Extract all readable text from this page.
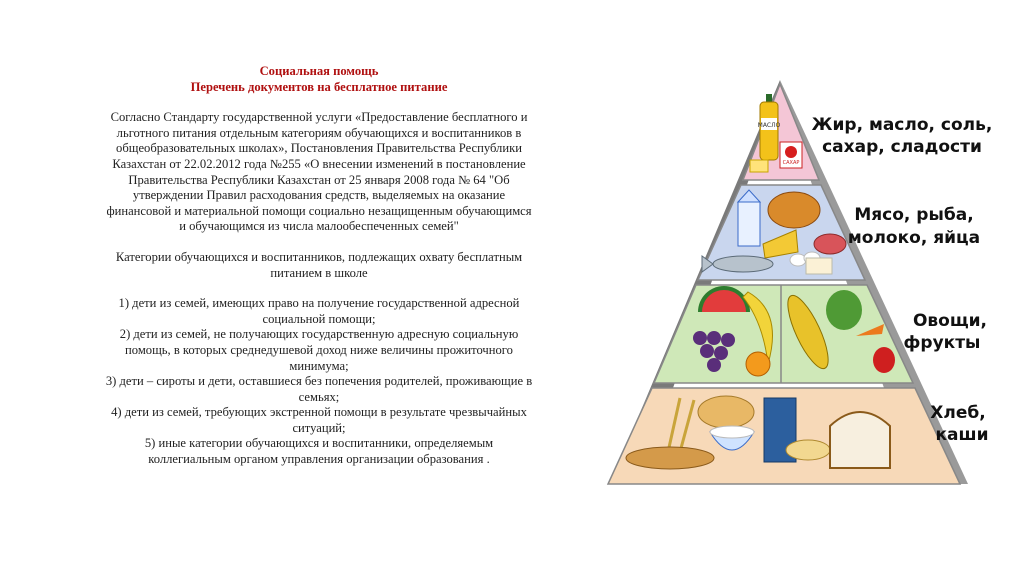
Социальная помощь
Перечень документов на бесплатное питание
Согласно Стандарту государственной услуги «Предоставление бесплатного и
льготного питания отдельным категориям обучающихся и воспитанников в
общеобразовательных школах», Постановления Правительства Республики
Казахстан от 22.02.2012 года №255 «О внесении изменений в постановление
Правительства Республики Казахстан от 25 января 2008 года № 64 "Об
утверждении Правил расходования средств, выделяемых на оказание
финансовой и материальной помощи социально незащищенным обучающимся
и обучающимся из числа малообеспеченных семей"
Категории обучающихся и воспитанников, подлежащих охвату бесплатным
питанием в школе
1) дети из семей, имеющих право на получение государственной адресной
социальной помощи;
2) дети из семей, не получающих государственную адресную социальную
помощь, в которых среднедушевой доход ниже величины прожиточного
минимума;
3) дети – сироты и дети, оставшиеся без попечения родителей, проживающие в
семьях;
4) дети из семей, требующих экстренной помощи в результате чрезвычайных
ситуаций;
5) иные категории обучающихся и воспитанники, определяемым
коллегиальным органом управления организации образования .
МАСЛО
САХАР
Жир, масло, соль,
сахар, сладости
Мясо, рыба,
молоко, яйца
Овощи,
фрукты
Хлеб,
каши
